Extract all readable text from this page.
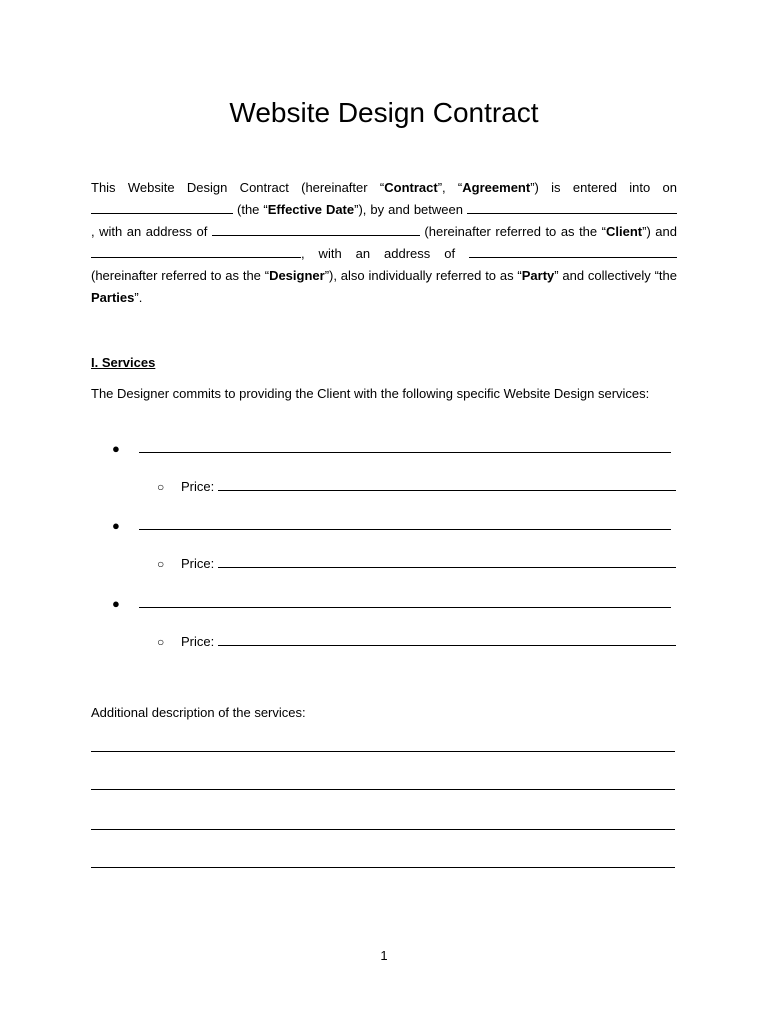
Website Design Contract
This Website Design Contract (hereinafter “Contract”, “Agreement”) is entered into on  (the “Effective Date”), by and between , with an address of	(hereinafter referred to as the “Client”) and , with an address of  (hereinafter referred to as the “Designer”), also individually referred to as “Party” and collectively “the Parties”.
I. Services
The Designer commits to providing the Client with the following specific Website Design services:
●
○ Price:
●
○ Price:
●
○ Price:
Additional description of the services:
1
